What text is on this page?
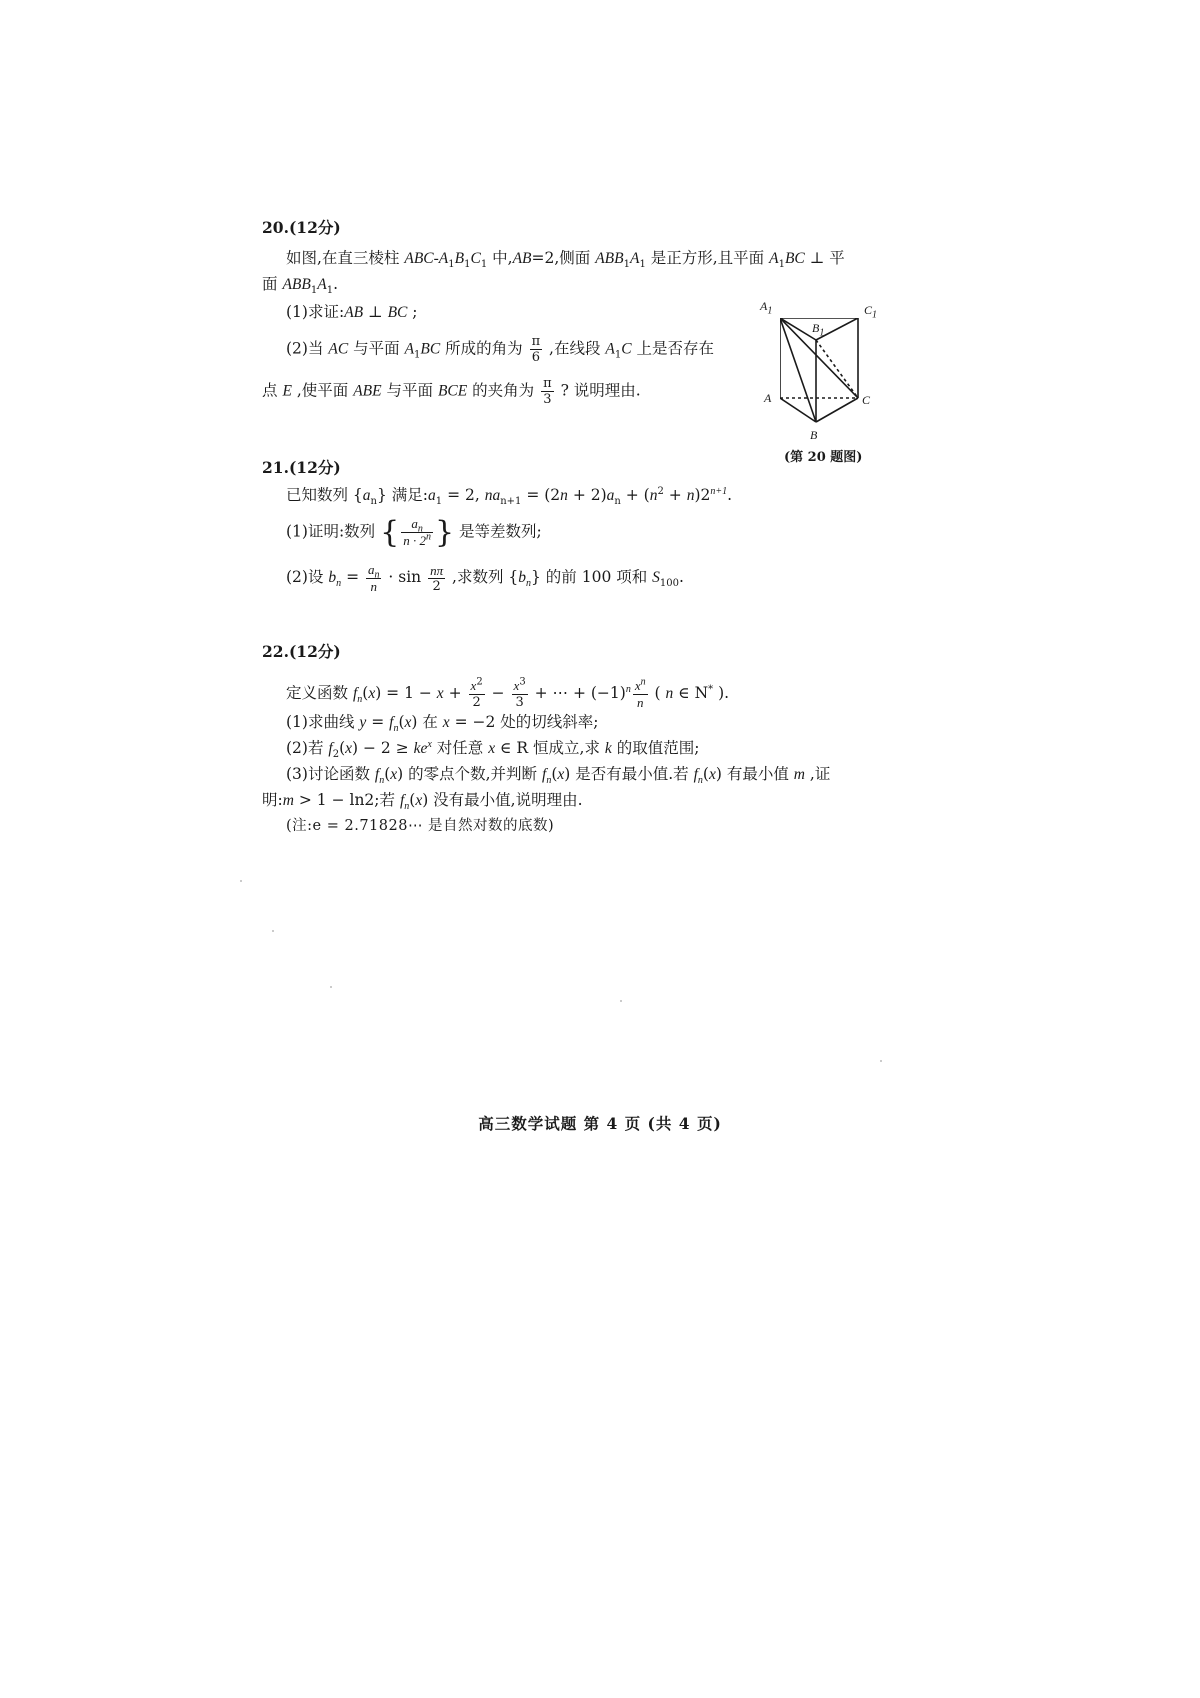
20.(12分)
如图,在直三棱柱 ABC-$A_1B_1C_1$ 中,AB=2,侧面 $ABB_1A_1$ 是正方形,且平面 $A_1BC$ ⊥ 平
面 $ABB_1A_1$.
(1)求证:AB ⊥ BC ;
(2)当 AC 与平面 $A_1BC$ 所成的角为 $\frac{\pi}{6}$ ,在线段 $A_1C$ 上是否存在
点 E ,使平面 ABE 与平面 BCE 的夹角为 $\frac{\pi}{3}$ ? 说明理由.
$A_1$	$C_1$
$B_1$
A	C
B
(第 20 题图)
21.(12分)
已知数列 $\{a_n\}$ 满足$:a_1 = 2$, $na_{n+1} = (2n + 2)a_n + (n^2 + n)2^{n+1}$.
(1)证明:数列 { $\frac{a_n}{n \cdot 2^n}$ } 是等差数列;
(2)设 $b_n = \frac{a_n}{n} \cdot \sin \frac{n\pi}{2}$ ,求数列 $\{b_n\}$ 的前 100 项和 $S_{100}$.
22.(12分)
定义函数 $f_n(x) = 1 - x + \frac{x^2}{2} - \frac{x^3}{3}$ + ⋯ + $(-1)^n \frac{x^n}{n}$ ( n ∈ N* ).
(1)求曲线 $y = f_n(x)$ 在 x = −2 处的切线斜率;
(2)若 $f_2(x) - 2 \ge ke^x$ 对任意 x ∈ R 恒成立,求 k 的取值范围;
(3)讨论函数 $f_n(x)$ 的零点个数,并判断 $f_n(x)$ 是否有最小值.若 $f_n(x)$ 有最小值 m ,证
明:m > 1 − ln2;若 $f_n(x)$ 没有最小值,说明理由.
(注:e = 2.71828⋯ 是自然对数的底数)
高三数学试题 第 4 页 (共 4 页)
